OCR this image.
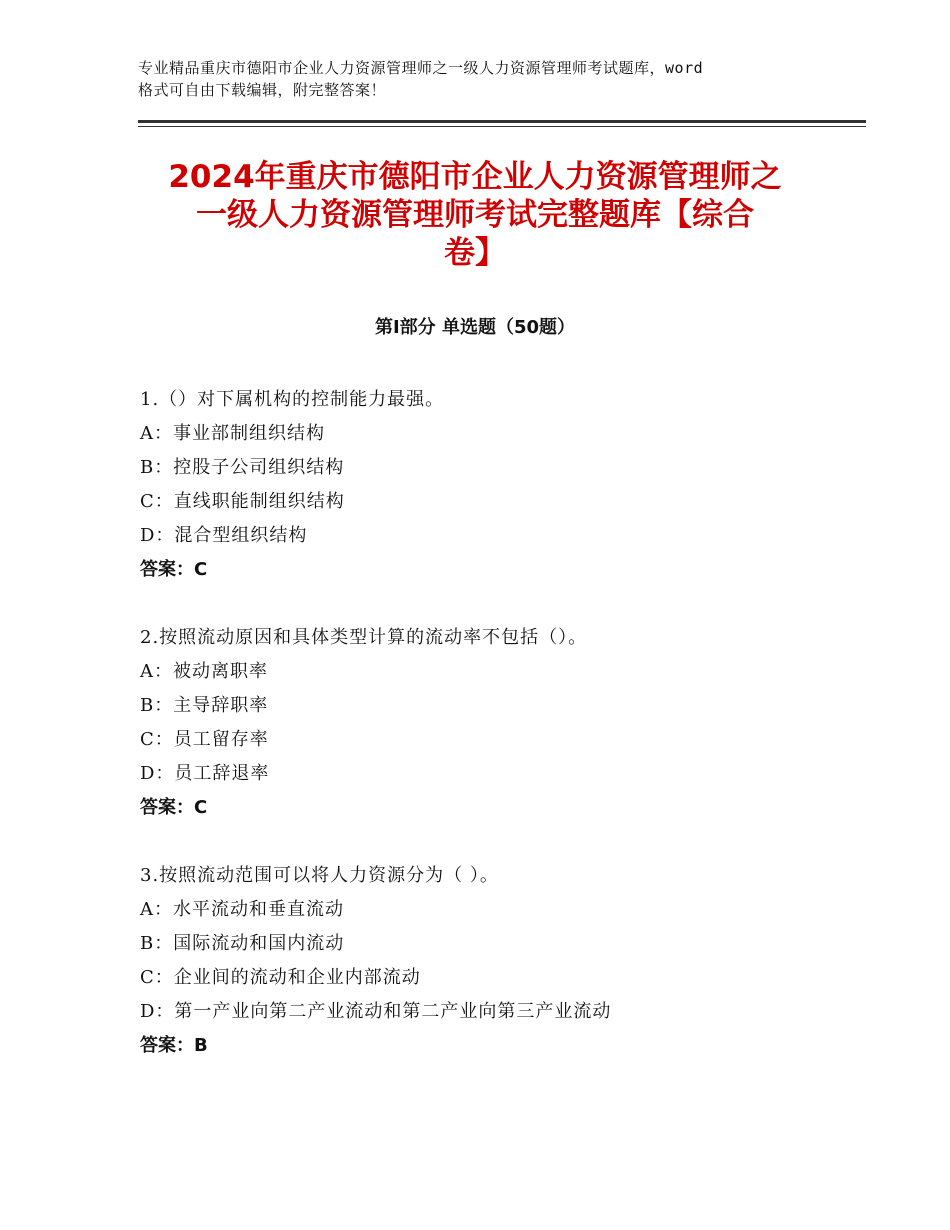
专业精品重庆市德阳市企业人力资源管理师之一级人力资源管理师考试题库，word
格式可自由下载编辑，附完整答案！
2024年重庆市德阳市企业人力资源管理师之
一级人力资源管理师考试完整题库【综合
卷】
第Ⅰ部分 单选题（50题）
1.（）对下属机构的控制能力最强。
A：事业部制组织结构
B：控股子公司组织结构
C：直线职能制组织结构
D：混合型组织结构
答案：C
2.按照流动原因和具体类型计算的流动率不包括（）。
A：被动离职率
B：主导辞职率
C：员工留存率
D：员工辞退率
答案：C
3.按照流动范围可以将人力资源分为（ ）。
A：水平流动和垂直流动
B：国际流动和国内流动
C：企业间的流动和企业内部流动
D：第一产业向第二产业流动和第二产业向第三产业流动
答案：B
